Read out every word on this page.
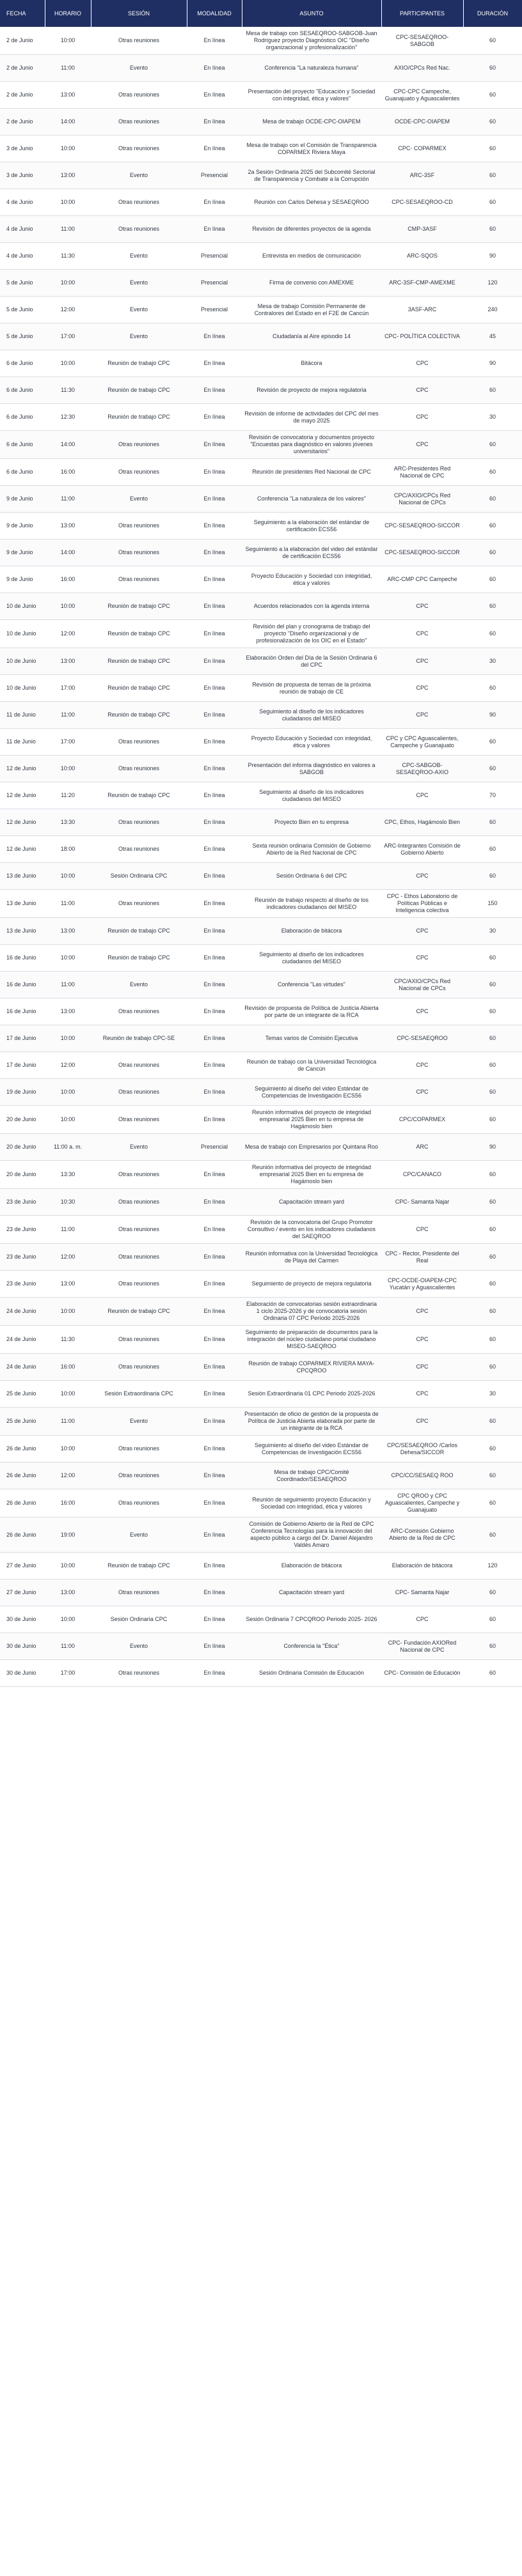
FECHA	HORARIO	SESIÓN	MODALIDAD	ASUNTO	PARTICIPANTES	DURACIÓN
2 de Junio	10:00	Otras reuniones	En línea	Mesa de trabajo con SESAEQROO-SABGOB-Juan Rodríguez proyecto Diagnóstico OIC "Diseño organizacional y profesionalización"	CPC-SESAEQROO-SABGOB	60
2 de Junio	11:00	Evento	En línea	Conferencia "La naturaleza humana"	AXIO/CPCs Red Nac.	60
2 de Junio	13:00	Otras reuniones	En línea	Presentación del proyecto "Educación y Sociedad con integridad, ética y valores"	CPC-CPC Campeche, Guanajuato y Aguascalientes	60
2 de Junio	14:00	Otras reuniones	En línea	Mesa de trabajo OCDE-CPC-OIAPEM	OCDE-CPC-OIAPEM	60
3 de Junio	10:00	Otras reuniones	En línea	Mesa de trabajo con el Comisión de Transparencia COPARMEX Riviera Maya	CPC- COPARMEX	60
3 de Junio	13:00	Evento	Presencial	2a Sesión Ordinaria 2025 del Subcomité Sectorial de Transparencia y Combate a la Corrupción	ARC-3SF	60
4 de Junio	10:00	Otras reuniones	En línea	Reunión con Carlos Dehesa y SESAEQROO	CPC-SESAEQROO-CD	60
4 de Junio	11:00	Otras reuniones	En línea	Revisión de diferentes proyectos de la agenda	CMP-3ASF	60
4 de Junio	11:30	Evento	Presencial	Entrevista en medios de comunicación	ARC-SQOS	90
5 de Junio	10:00	Evento	Presencial	Firma de convenio con AMEXME	ARC-3SF-CMP-AMEXME	120
5 de Junio	12:00	Evento	Presencial	Mesa de trabajo Comisión Permanente de Contralores del Estado en el F2E de Cancún	3ASF-ARC	240
5 de Junio	17:00	Evento	En línea	Ciudadanía al Aire episodio 14	CPC- POLÍTICA COLECTIVA	45
6 de Junio	10:00	Reunión de trabajo CPC	En línea	Bitácora	CPC	90
6 de Junio	11:30	Reunión de trabajo CPC	En línea	Revisión de proyecto de mejora regulatoria	CPC	60
6 de Junio	12:30	Reunión de trabajo CPC	En línea	Revisión de informe de actividades del CPC del mes de mayo 2025	CPC	30
6 de Junio	14:00	Otras reuniones	En línea	Revisión de convocatoria y documentos proyecto "Encuestas para diagnóstico en valores jóvenes universitarios"	CPC	60
6 de Junio	16:00	Otras reuniones	En línea	Reunión de presidentes Red Nacional de CPC	ARC-Presidentes Red Nacional de CPC	60
9 de Junio	11:00	Evento	En línea	Conferencia "La naturaleza de los valores"	CPC/AXIO/CPCs Red Nacional de CPCs	60
9 de Junio	13:00	Otras reuniones	En línea	Seguimiento a la elaboración del estándar de certificación ECS56	CPC-SESAEQROO-SICCOR	60
9 de Junio	14:00	Otras reuniones	En línea	Seguimiento a la elaboración del video del estándar de certificación ECS56	CPC-SESAEQROO-SICCOR	60
9 de Junio	16:00	Otras reuniones	En línea	Proyecto Educación y Sociedad con integridad, ética y valores	ARC-CMP CPC Campeche	60
10 de Junio	10:00	Reunión de trabajo CPC	En línea	Acuerdos relacionados con la agenda interna	CPC	60
10 de Junio	12:00	Reunión de trabajo CPC	En línea	Revisión del plan y cronograma de trabajo del proyecto "Diseño organizacional y de profesionalización de los OIC en el Estado"	CPC	60
10 de Junio	13:00	Reunión de trabajo CPC	En línea	Elaboración Orden del Día de la Sesión Ordinaria 6 del CPC	CPC	30
10 de Junio	17:00	Reunión de trabajo CPC	En línea	Revisión de propuesta de temas de la próxima reunión de trabajo de CE	CPC	60
11 de Junio	11:00	Reunión de trabajo CPC	En línea	Seguimiento al diseño de los indicadores ciudadanos del MISEO	CPC	90
11 de Junio	17:00	Otras reuniones	En línea	Proyecto Educación y Sociedad con integridad, ética y valores	CPC y CPC Aguascalientes, Campeche y Guanajuato	60
12 de Junio	10:00	Otras reuniones	En línea	Presentación del informa diagnóstico en valores a SABGOB	CPC-SABGOB-SESAEQROO-AXIO	60
12 de Junio	11:20	Reunión de trabajo CPC	En línea	Seguimiento al diseño de los indicadores ciudadanos del MISEO	CPC	70
12 de Junio	13:30	Otras reuniones	En línea	Proyecto Bien en tu empresa	CPC, Ethos, Hagámoslo Bien	60
12 de Junio	18:00	Otras reuniones	En línea	Sexta reunión ordinaria Comisión de Gobierno Abierto de la Red Nacional de CPC	ARC-Integrantes Comisión de Gobierno Abierto	60
13 de Junio	10:00	Sesión Ordinaria CPC	En línea	Sesión Ordinaria 6 del CPC	CPC	60
13 de Junio	11:00	Otras reuniones	En línea	Reunión de trabajo respecto al diseño de los indicadores ciudadanos del MISEO	CPC - Ethos Laboratorio de Políticas Públicas e Inteligencia colectiva	150
13 de Junio	13:00	Reunión de trabajo CPC	En línea	Elaboración de bitácora	CPC	30
16 de Junio	10:00	Reunión de trabajo CPC	En línea	Seguimiento al diseño de los indicadores ciudadanos del MISEO	CPC	60
16 de Junio	11:00	Evento	En línea	Conferencia "Las virtudes"	CPC/AXIO/CPCs Red Nacional de CPCs	60
16 de Junio	13:00	Otras reuniones	En línea	Revisión de propuesta de Política de Justicia Abierta por parte de un integrante de la RCA	CPC	60
17 de Junio	10:00	Reunión de trabajo CPC-SE	En línea	Temas varios de Comisión Ejecutiva	CPC-SESAEQROO	60
17 de Junio	12:00	Otras reuniones	En línea	Reunión de trabajo con la Universidad Tecnológica de Cancún	CPC	60
19 de Junio	10:00	Otras reuniones	En línea	Seguimiento al diseño del video Estándar de Competencias de Investigación ECS56	CPC	60
20 de Junio	10:00	Otras reuniones	En línea	Reunión informativa del proyecto de integridad empresarial 2025 Bien en tu empresa de Hagámoslo bien	CPC/COPARMEX	60
20 de Junio	11:00 a. m.	Evento	Presencial	Mesa de trabajo con Empresarios por Quintana Roo	ARC	90
20 de Junio	13:30	Otras reuniones	En línea	Reunión informativa del proyecto de integridad empresarial 2025 Bien en tu empresa de Hagámoslo bien	CPC/CANACO	60
23 de Junio	10:30	Otras reuniones	En línea	Capacitación stream yard	CPC- Samanta Najar	60
23 de Junio	11:00	Otras reuniones	En línea	Revisión de la convocatoria del Grupo Promotor Consultivo / evento en los indicadores ciudadanos del SAEQROO	CPC	60
23 de Junio	12:00	Otras reuniones	En línea	Reunión informativa con la Universidad Tecnológica de Playa del Carmen	CPC - Rector, Presidente del Real	60
23 de Junio	13:00	Otras reuniones	En línea	Seguimiento de proyecto de mejora regulatoria	CPC-OCDE-OIAPEM-CPC Yucatán y Aguascalientes	60
24 de Junio	10:00	Reunión de trabajo CPC	En línea	Elaboración de convocatorias sesión extraordinaria 1 ciclo 2025-2026 y de convocatoria sesión Ordinaria 07 CPC Período 2025-2026	CPC	60
24 de Junio	11:30	Otras reuniones	En línea	Seguimiento de preparación de documentos para la integración del núcleo ciudadano portal ciudadano MISEO-SAEQROO	CPC	60
24 de Junio	16:00	Otras reuniones	En línea	Reunión de trabajo COPARMEX RIVIERA MAYA-CPCQROO	CPC	60
25 de Junio	10:00	Sesión Extraordinaria CPC	En línea	Sesión Extraordinaria 01 CPC Periodo 2025-2026	CPC	30
25 de Junio	11:00	Evento	En línea	Presentación de oficio de gestión de la propuesta de Política de Justicia Abierta elaborada por parte de un integrante de la RCA	CPC	60
26 de Junio	10:00	Otras reuniones	En línea	Seguimiento al diseño del video Estándar de Competencias de Investigación ECS56	CPC/SESAEQROO /Carlos Dehesa/SICCOR	60
26 de Junio	12:00	Otras reuniones	En línea	Mesa de trabajo CPC/Comité Coordinador/SESAEQROO	CPC/CC/SESAEQ ROO	60
26 de Junio	16:00	Otras reuniones	En línea	Reunión de seguimiento proyecto Educación y Sociedad con integridad, ética y valores	CPC QROO y CPC Aguascalientes, Campeche y Guanajuato	60
26 de Junio	19:00	Evento	En línea	Comisión de Gobierno Abierto de la Red de CPC Conferencia Tecnologías para la innovación del aspecto público a cargo del Dr. Daniel Alejandro Valdés Amaro	ARC-Comisión Gobierno Abierto de la Red de CPC	60
27 de Junio	10:00	Reunión de trabajo CPC	En línea	Elaboración de bitácora	Elaboración de bitácora	120
27 de Junio	13:00	Otras reuniones	En línea	Capacitación stream yard	CPC- Samanta Najar	60
30 de Junio	10:00	Sesión Ordinaria CPC	En línea	Sesión Ordinaria 7 CPCQROO Periodo 2025- 2026	CPC	60
30 de Junio	11:00	Evento	En línea	Conferencia la "Ética"	CPC- Fundación AXIORed Nacional de CPC	60
30 de Junio	17:00	Otras reuniones	En línea	Sesión Ordinaria Comisión de Educación	CPC- Comisión de Educación	60
